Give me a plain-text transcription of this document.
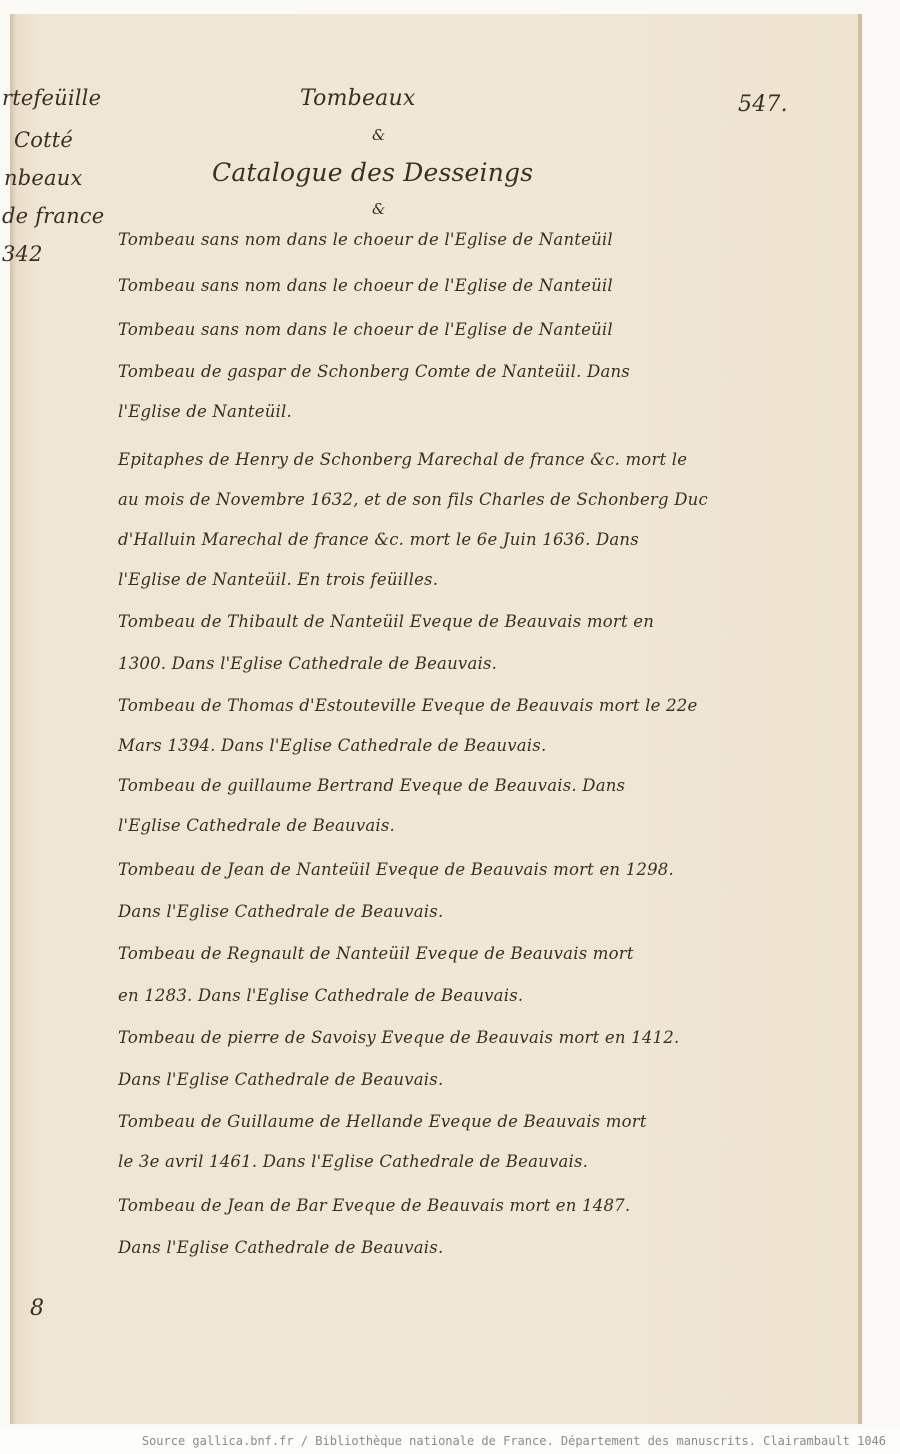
rtefeüille
Cotté
nbeaux
de france
342
Tombeaux
&
Catalogue des Desseings
&
547.
Tombeau sans nom dans le choeur de l'Eglise de Nanteüil
Tombeau sans nom dans le choeur de l'Eglise de Nanteüil
Tombeau sans nom dans le choeur de l'Eglise de Nanteüil
Tombeau de gaspar de Schonberg Comte de Nanteüil. Dans
l'Eglise de Nanteüil.
Epitaphes de Henry de Schonberg Marechal de france &c. mort le
au mois de Novembre 1632, et de son fils Charles de Schonberg Duc
d'Halluin Marechal de france &c. mort le 6e Juin 1636. Dans
l'Eglise de Nanteüil. En trois feüilles.
Tombeau de Thibault de Nanteüil Eveque de Beauvais mort en
1300. Dans l'Eglise Cathedrale de Beauvais.
Tombeau de Thomas d'Estouteville Eveque de Beauvais mort le 22e
Mars 1394. Dans l'Eglise Cathedrale de Beauvais.
Tombeau de guillaume Bertrand Eveque de Beauvais. Dans
l'Eglise Cathedrale de Beauvais.
Tombeau de Jean de Nanteüil Eveque de Beauvais mort en 1298.
Dans l'Eglise Cathedrale de Beauvais.
Tombeau de Regnault de Nanteüil Eveque de Beauvais mort
en 1283. Dans l'Eglise Cathedrale de Beauvais.
Tombeau de pierre de Savoisy Eveque de Beauvais mort en 1412.
Dans l'Eglise Cathedrale de Beauvais.
Tombeau de Guillaume de Hellande Eveque de Beauvais mort
le 3e avril 1461. Dans l'Eglise Cathedrale de Beauvais.
Tombeau de Jean de Bar Eveque de Beauvais mort en 1487.
Dans l'Eglise Cathedrale de Beauvais.
8
Source gallica.bnf.fr / Bibliothèque nationale de France. Département des manuscrits. Clairambault 1046
